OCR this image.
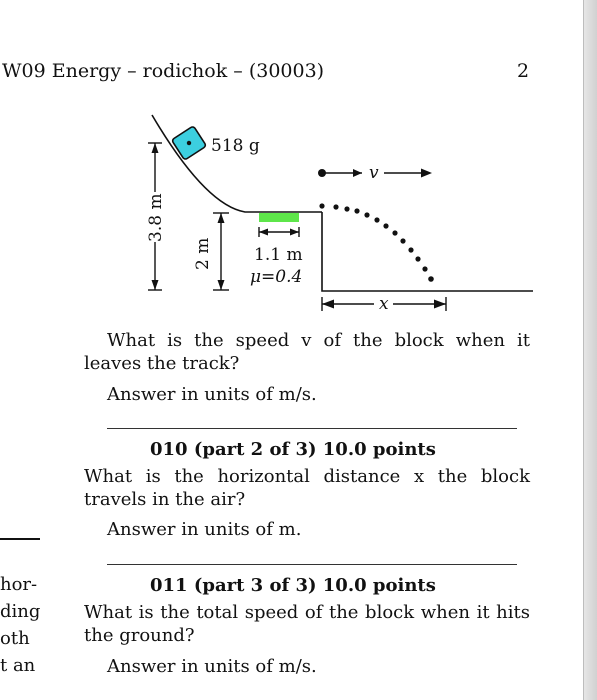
W09 Energy – rodichok – (30003)	2
518 g
1.1 m
μ=0.4
3.8 m
2 m
v
x
What is the speed v of the block when it leaves the track?
Answer in units of m/s.
010 (part 2 of 3) 10.0 points
What is the horizontal distance x the block travels in the air?
Answer in units of m.
011 (part 3 of 3) 10.0 points
What is the total speed of the block when it hits the ground?
Answer in units of m/s.
hor-
ding
oth
t an
